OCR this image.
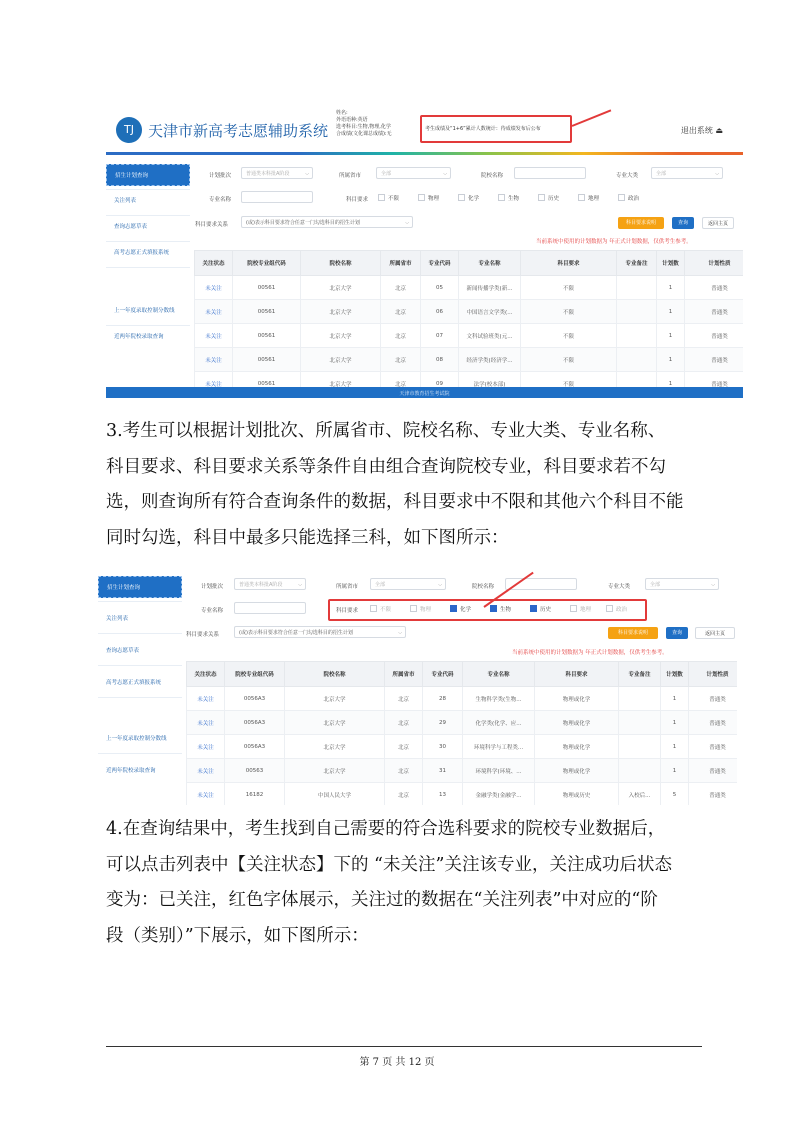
TJ 天津市新高考志愿辅助系统
姓名:
外语语种:英语
选考科目:生物,物理,化学
合成绩(文化课总成绩):无
考生成绩及“1+6”累计人数统计：待成绩发布后公布	退出系统 ⏏
招生计划查询
关注列表
查询志愿草表
高考志愿正式填报系统
上一年度录取控制分数线
近两年院校录取查询
计划批次	普通类本科批A阶段	⌵	所属省市	全部	⌵	院校名称	专业大类	全部	⌵
专业名称	科目要求	不限	物理	化学	生物	历史	地理	政治
科目要求关系	(或)表示科目要求符合任意一门勾选科目的招生计划	⌵	科目要求说明	查询	返回主页
当前系统中使用的计划数据为 年正式计划数据，仅供考生参考。
关注状态	院校专业组代码	院校名称	所属省市	专业代码	专业名称	科目要求	专业备注	计划数	计划性质
未关注	00561	北京大学	北京	05	新闻传播学类(新...	不限		1	普通类
未关注	00561	北京大学	北京	06	中国语言文学类(...	不限		1	普通类
未关注	00561	北京大学	北京	07	文科试验班类(元...	不限		1	普通类
未关注	00561	北京大学	北京	08	经济学类(经济学...	不限		1	普通类
未关注	00561	北京大学	北京	09	法学(校本部)	不限		1	普通类
天津市教育招生考试院

3.考生可以根据计划批次、所属省市、院校名称、专业大类、专业名称、

科目要求、科目要求关系等条件自由组合查询院校专业，科目要求若不勾

选，则查询所有符合查询条件的数据，科目要求中不限和其他六个科目不能

同时勾选，科目中最多只能选择三科，如下图所示：

招生计划查询
关注列表
查询志愿草表
高考志愿正式填报系统
上一年度录取控制分数线
近两年院校录取查询
计划批次	普通类本科批A阶段	⌵	所属省市	全部	⌵	院校名称	专业大类	全部	⌵
专业名称	科目要求	不限	物理	化学	生物	历史	地理	政治
科目要求关系	(或)表示科目要求符合任意一门勾选科目的招生计划	⌵	科目要求说明	查询	返回主页
当前系统中使用的计划数据为 年正式计划数据，仅供考生参考。
关注状态	院校专业组代码	院校名称	所属省市	专业代码	专业名称	科目要求	专业备注	计划数	计划性质
未关注	0056A3	北京大学	北京	28	生物科学类(生物...	物理或化学		1	普通类
未关注	0056A3	北京大学	北京	29	化学类(化学、应...	物理或化学		1	普通类
未关注	0056A3	北京大学	北京	30	环境科学与工程类...	物理或化学		1	普通类
未关注	00563	北京大学	北京	31	环境科学(环境、...	物理或化学		1	普通类
未关注	16182	中国人民大学	北京	13	金融学类(金融学...	物理或历史	入校后...	5	普通类

4.在查询结果中，考生找到自己需要的符合选科要求的院校专业数据后，

可以点击列表中【关注状态】下的 “未关注”关注该专业，关注成功后状态

变为：已关注，红色字体展示，关注过的数据在“关注列表”中对应的“阶

段（类别）”下展示，如下图所示：

第 7 页 共 12 页
